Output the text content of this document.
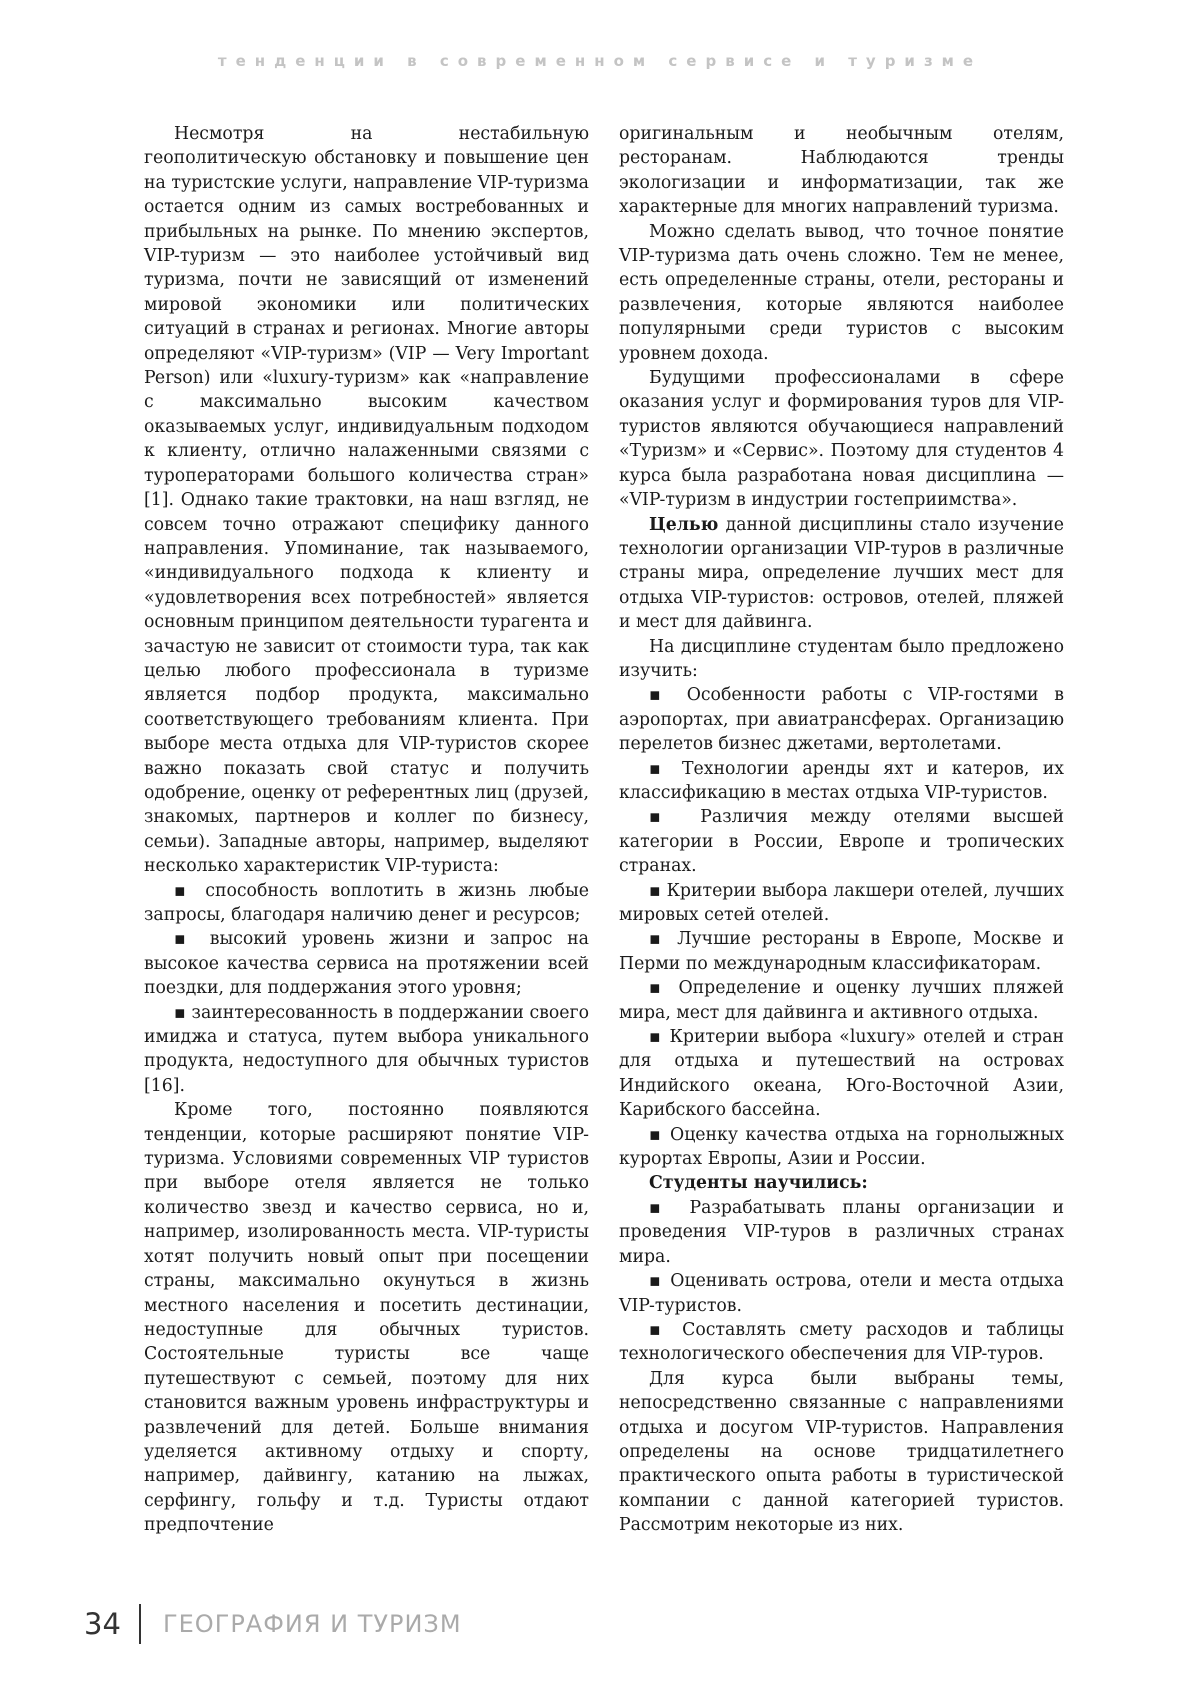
тенденции в современном сервисе и туризме

Несмотря на нестабильную геополитическую обстановку и повышение цен на туристские услуги, направление VIP-туризма остается одним из самых востребованных и прибыльных на рынке. По мнению экспертов, VIP-туризм — это наиболее устойчивый вид туризма, почти не зависящий от изменений мировой экономики или политических ситуаций в странах и регионах. Многие авторы определяют «VIP-туризм» (VIP — Very Important Person) или «luxury-туризм» как «направление с максимально высоким качеством оказываемых услуг, индивидуальным подходом к клиенту, отлично налаженными связями с туроператорами большого количества стран» [1]. Однако такие трактовки, на наш взгляд, не совсем точно отражают специфику данного направления. Упоминание, так называемого, «индивидуального подхода к клиенту и «удовлетворения всех потребностей» является основным принципом деятельности турагента и зачастую не зависит от стоимости тура, так как целью любого профессионала в туризме является подбор продукта, максимально соответствующего требованиям клиента. При выборе места отдыха для VIP-туристов скорее важно показать свой статус и получить одобрение, оценку от референтных лиц (друзей, знакомых, партнеров и коллег по бизнесу, семьи). Западные авторы, например, выделяют несколько характеристик VIP-туриста:

▪ способность воплотить в жизнь любые запросы, благодаря наличию денег и ресурсов;

▪ высокий уровень жизни и запрос на высокое качества сервиса на протяжении всей поездки, для поддержания этого уровня;

▪ заинтересованность в поддержании своего имиджа и статуса, путем выбора уникального продукта, недоступного для обычных туристов [16].

Кроме того, постоянно появляются тенденции, которые расширяют понятие VIP-туризма. Условиями современных VIP туристов при выборе отеля является не только количество звезд и качество сервиса, но и, например, изолированность места. VIP-туристы хотят получить новый опыт при посещении страны, максимально окунуться в жизнь местного населения и посетить дестинации, недоступные для обычных туристов. Состоятельные туристы все чаще путешествуют с семьей, поэтому для них становится важным уровень инфраструктуры и развлечений для детей. Больше внимания уделяется активному отдыху и спорту, например, дайвингу, катанию на лыжах, серфингу, гольфу и т.д. Туристы отдают предпочтение

оригинальным и необычным отелям, ресторанам. Наблюдаются тренды экологизации и информатизации, так же характерные для многих направлений туризма.

Можно сделать вывод, что точное понятие VIP-туризма дать очень сложно. Тем не менее, есть определенные страны, отели, рестораны и развлечения, которые являются наиболее популярными среди туристов с высоким уровнем дохода.

Будущими профессионалами в сфере оказания услуг и формирования туров для VIP-туристов являются обучающиеся направлений «Туризм» и «Сервис». Поэтому для студентов 4 курса была разработана новая дисциплина — «VIP-туризм в индустрии гостеприимства».

Целью данной дисциплины стало изучение технологии организации VIP-туров в различные страны мира, определение лучших мест для отдыха VIP-туристов: островов, отелей, пляжей и мест для дайвинга.

На дисциплине студентам было предложено изучить:

▪ Особенности работы с VIP-гостями в аэропортах, при авиатрансферах. Организацию перелетов бизнес джетами, вертолетами.

▪ Технологии аренды яхт и катеров, их классификацию в местах отдыха VIP-туристов.

▪ Различия между отелями высшей категории в России, Европе и тропических странах.

▪ Критерии выбора лакшери отелей, лучших мировых сетей отелей.

▪ Лучшие рестораны в Европе, Москве и Перми по международным классификаторам.

▪ Определение и оценку лучших пляжей мира, мест для дайвинга и активного отдыха.

▪ Критерии выбора «luxury» отелей и стран для отдыха и путешествий на островах Индийского океана, Юго-Восточной Азии, Карибского бассейна.

▪ Оценку качества отдыха на горнолыжных курортах Европы, Азии и России.

Студенты научились:

▪ Разрабатывать планы организации и проведения VIP-туров в различных странах мира.

▪ Оценивать острова, отели и места отдыха VIP-туристов.

▪ Составлять смету расходов и таблицы технологического обеспечения для VIP-туров.

Для курса были выбраны темы, непосредственно связанные с направлениями отдыха и досугом VIP-туристов. Направления определены на основе тридцатилетнего практического опыта работы в туристической компании с данной категорией туристов. Рассмотрим некоторые из них.

34	ГЕОГРАФИЯ И ТУРИЗМ
